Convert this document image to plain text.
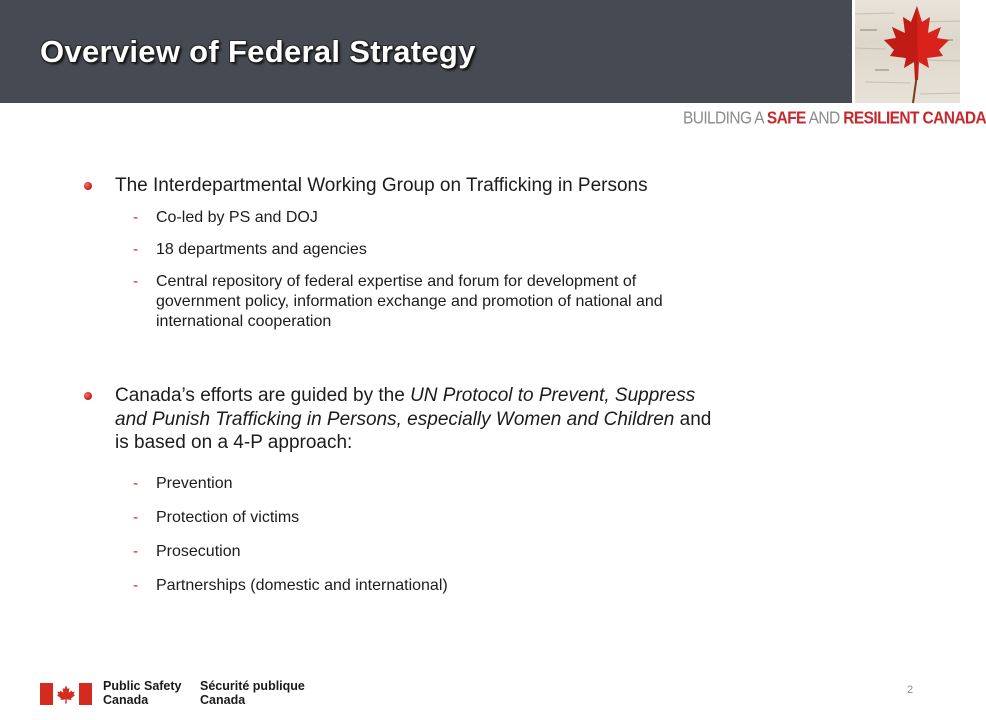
Overview of Federal Strategy
BUILDING A SAFE AND RESILIENT CANADA
The Interdepartmental Working Group on Trafficking in Persons
- Co-led by PS and DOJ
- 18 departments and agencies
- Central repository of federal expertise and forum for development of
government policy, information exchange and promotion of national and
international cooperation
Canada’s efforts are guided by the UN Protocol to Prevent, Suppress
and Punish Trafficking in Persons, especially Women and Children and
is based on a 4-P approach:
- Prevention
- Protection of victims
- Prosecution
- Partnerships (domestic and international)
Public Safety
Canada
Sécurité publique
Canada
2
